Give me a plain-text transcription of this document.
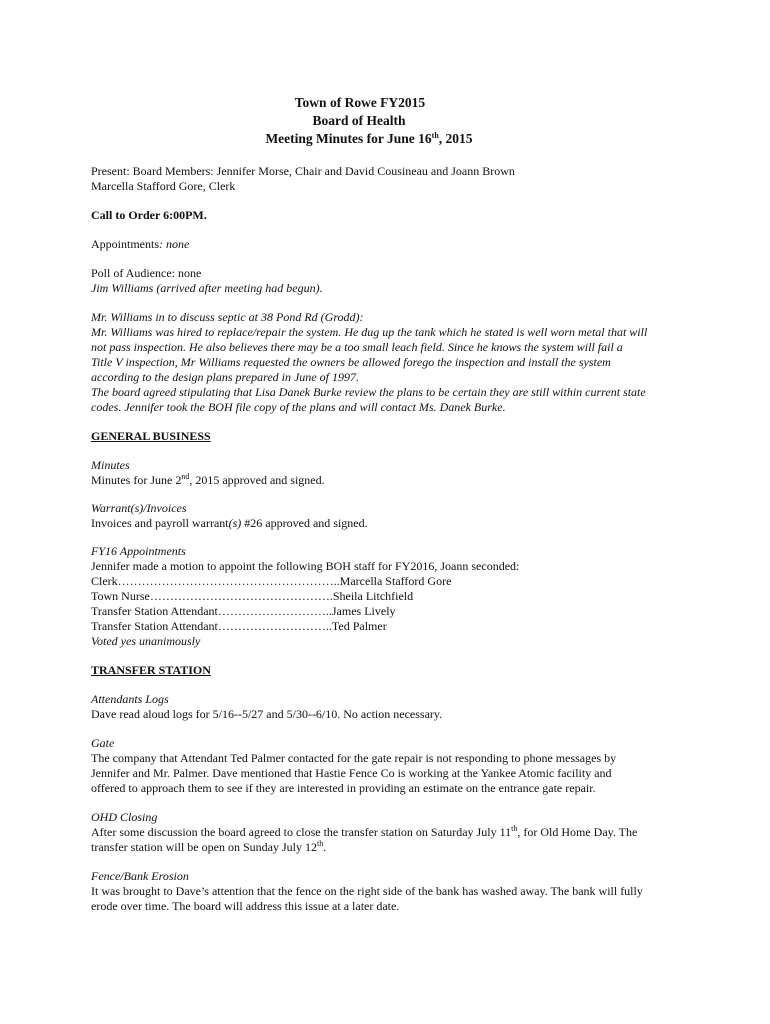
Town of Rowe FY2015
Board of Health
Meeting Minutes for June 16th, 2015

Present: Board Members: Jennifer Morse, Chair and David Cousineau and Joann Brown

Marcella Stafford Gore, Clerk

Call to Order 6:00PM.

Appointments: none

Poll of Audience: none

Jim Williams (arrived after meeting had begun).

Mr. Williams in to discuss septic at 38 Pond Rd (Grodd):

Mr. Williams was hired to replace/repair the system. He dug up the tank which he stated is well worn metal that will

not pass inspection. He also believes there may be a too small leach field. Since he knows the system will fail a

Title V inspection, Mr Williams requested the owners be allowed forego the inspection and install the system

according to the design plans prepared in June of 1997.

The board agreed stipulating that Lisa Danek Burke review the plans to be certain they are still within current state

codes. Jennifer took the BOH file copy of the plans and will contact Ms. Danek Burke.

GENERAL BUSINESS

Minutes

Minutes for June 2nd, 2015 approved and signed.

Warrant(s)/Invoices

Invoices and payroll warrant(s) #26 approved and signed.

FY16 Appointments

Jennifer made a motion to appoint the following BOH staff for FY2016, Joann seconded:

Clerk……………………………………………….. Marcella Stafford Gore
Town Nurse………………………………………. Sheila Litchfield
Transfer Station Attendant……………………….. James Lively
Transfer Station Attendant……………………….. Ted Palmer

Voted yes unanimously

TRANSFER STATION

Attendants Logs

Dave read aloud logs for 5/16--5/27 and 5/30--6/10. No action necessary.

Gate

The company that Attendant Ted Palmer contacted for the gate repair is not responding to phone messages by

Jennifer and Mr. Palmer. Dave mentioned that Hastie Fence Co is working at the Yankee Atomic facility and

offered to approach them to see if they are interested in providing an estimate on the entrance gate repair.

OHD Closing

After some discussion the board agreed to close the transfer station on Saturday July 11th, for Old Home Day. The

transfer station will be open on Sunday July 12th.

Fence/Bank Erosion

It was brought to Dave’s attention that the fence on the right side of the bank has washed away. The bank will fully

erode over time. The board will address this issue at a later date.
